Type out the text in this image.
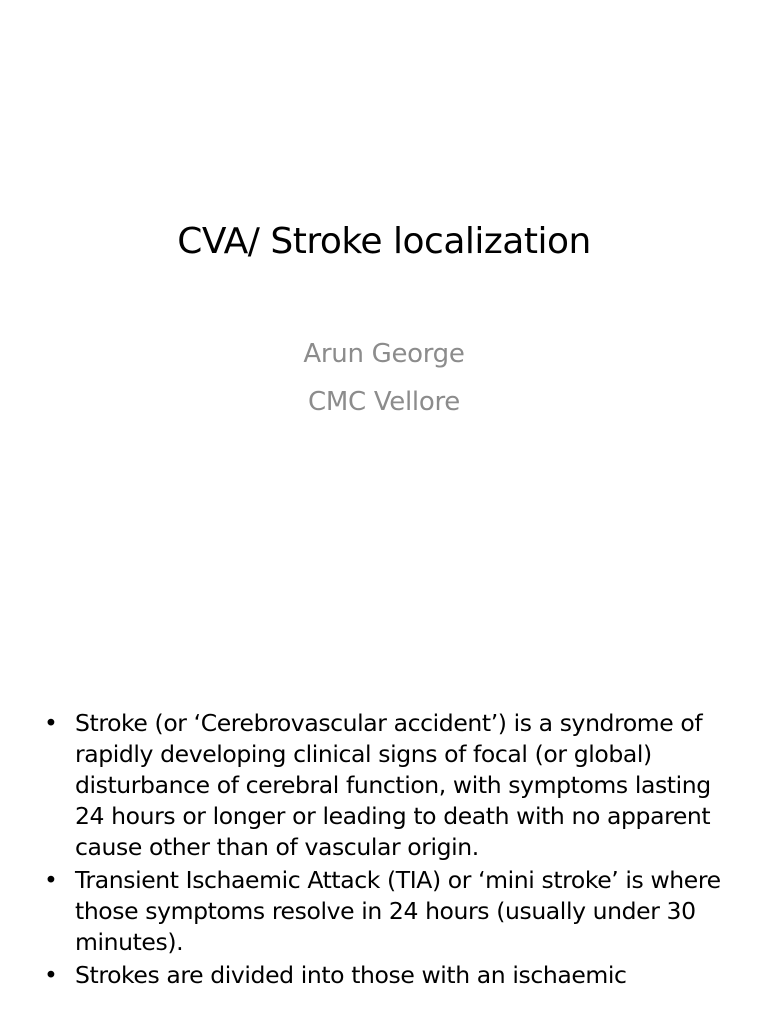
CVA/ Stroke localization
Arun George
CMC Vellore
• Stroke (or ‘Cerebrovascular accident’) is a syndrome of rapidly developing clinical signs of focal (or global) disturbance of cerebral function, with symptoms lasting 24 hours or longer or leading to death with no apparent cause other than of vascular origin.
• Transient Ischaemic Attack (TIA) or ‘mini stroke’ is where those symptoms resolve in 24 hours (usually under 30 minutes).
• Strokes are divided into those with an ischaemic
